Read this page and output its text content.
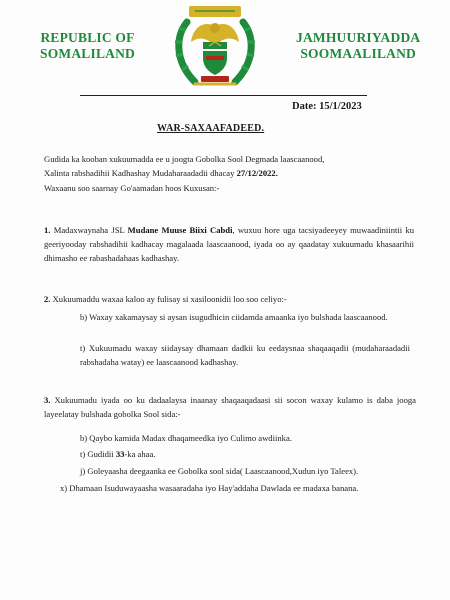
REPUBLIC OF
SOMALILAND
JAMHUURIYADDA
SOOMAALILAND
Date: 15/1/2023
WAR-SAXAAFADEED.
Gudida ka kooban xukuumadda ee u joogta Gobolka Sool Degmada laascaanood,
Xalinta rabshadihii Kadhashay Mudaharaadadii dhacay 27/12/2022.
Waxaanu soo saarnay Go'aamadan hoos Kuxusan:-
1. Madaxwaynaha JSL Mudane Muuse Biixi Cabdi, wuxuu hore uga tacsiyadeeyey muwaadiniintii ku geeriyooday rabshadihii kadhacay magalaada laascaanood, iyada oo ay qaadatay xukuumadu khasaarihii dhimasho ee rabashadahaas kadhashay.
2. Xukuumaddu waxaa kaloo ay fulisay si xasiloonidii loo soo celiyo:-
b) Waxay xakamaysay si aysan isugudhicin ciidamda amaanka iyo bulshada laascaanood.
t) Xukuumadu waxay siidaysay dhamaan dadkii ku eedaysnaa shaqaaqadii (mudaharaadadii rabshadaha watay) ee laascaanood kadhashay.
3. Xukuumadu iyada oo ku dadaalaysa inaanay shaqaaqadaasi sii socon waxay kulamo is daba jooga layeelatay bulshada gobolka Sool sida:-
b) Qaybo kamida Madax dhaqameedka iyo Culimo awdiinka.
t) Gudidii 33-ka ahaa.
j) Goleyaasha deegaanka ee Gobolka sool sida( Laascaanood,Xudun iyo Taleex).
x) Dhamaan Isuduwayaasha wasaaradaha iyo Hay'addaha Dawlada ee madaxa banana.
